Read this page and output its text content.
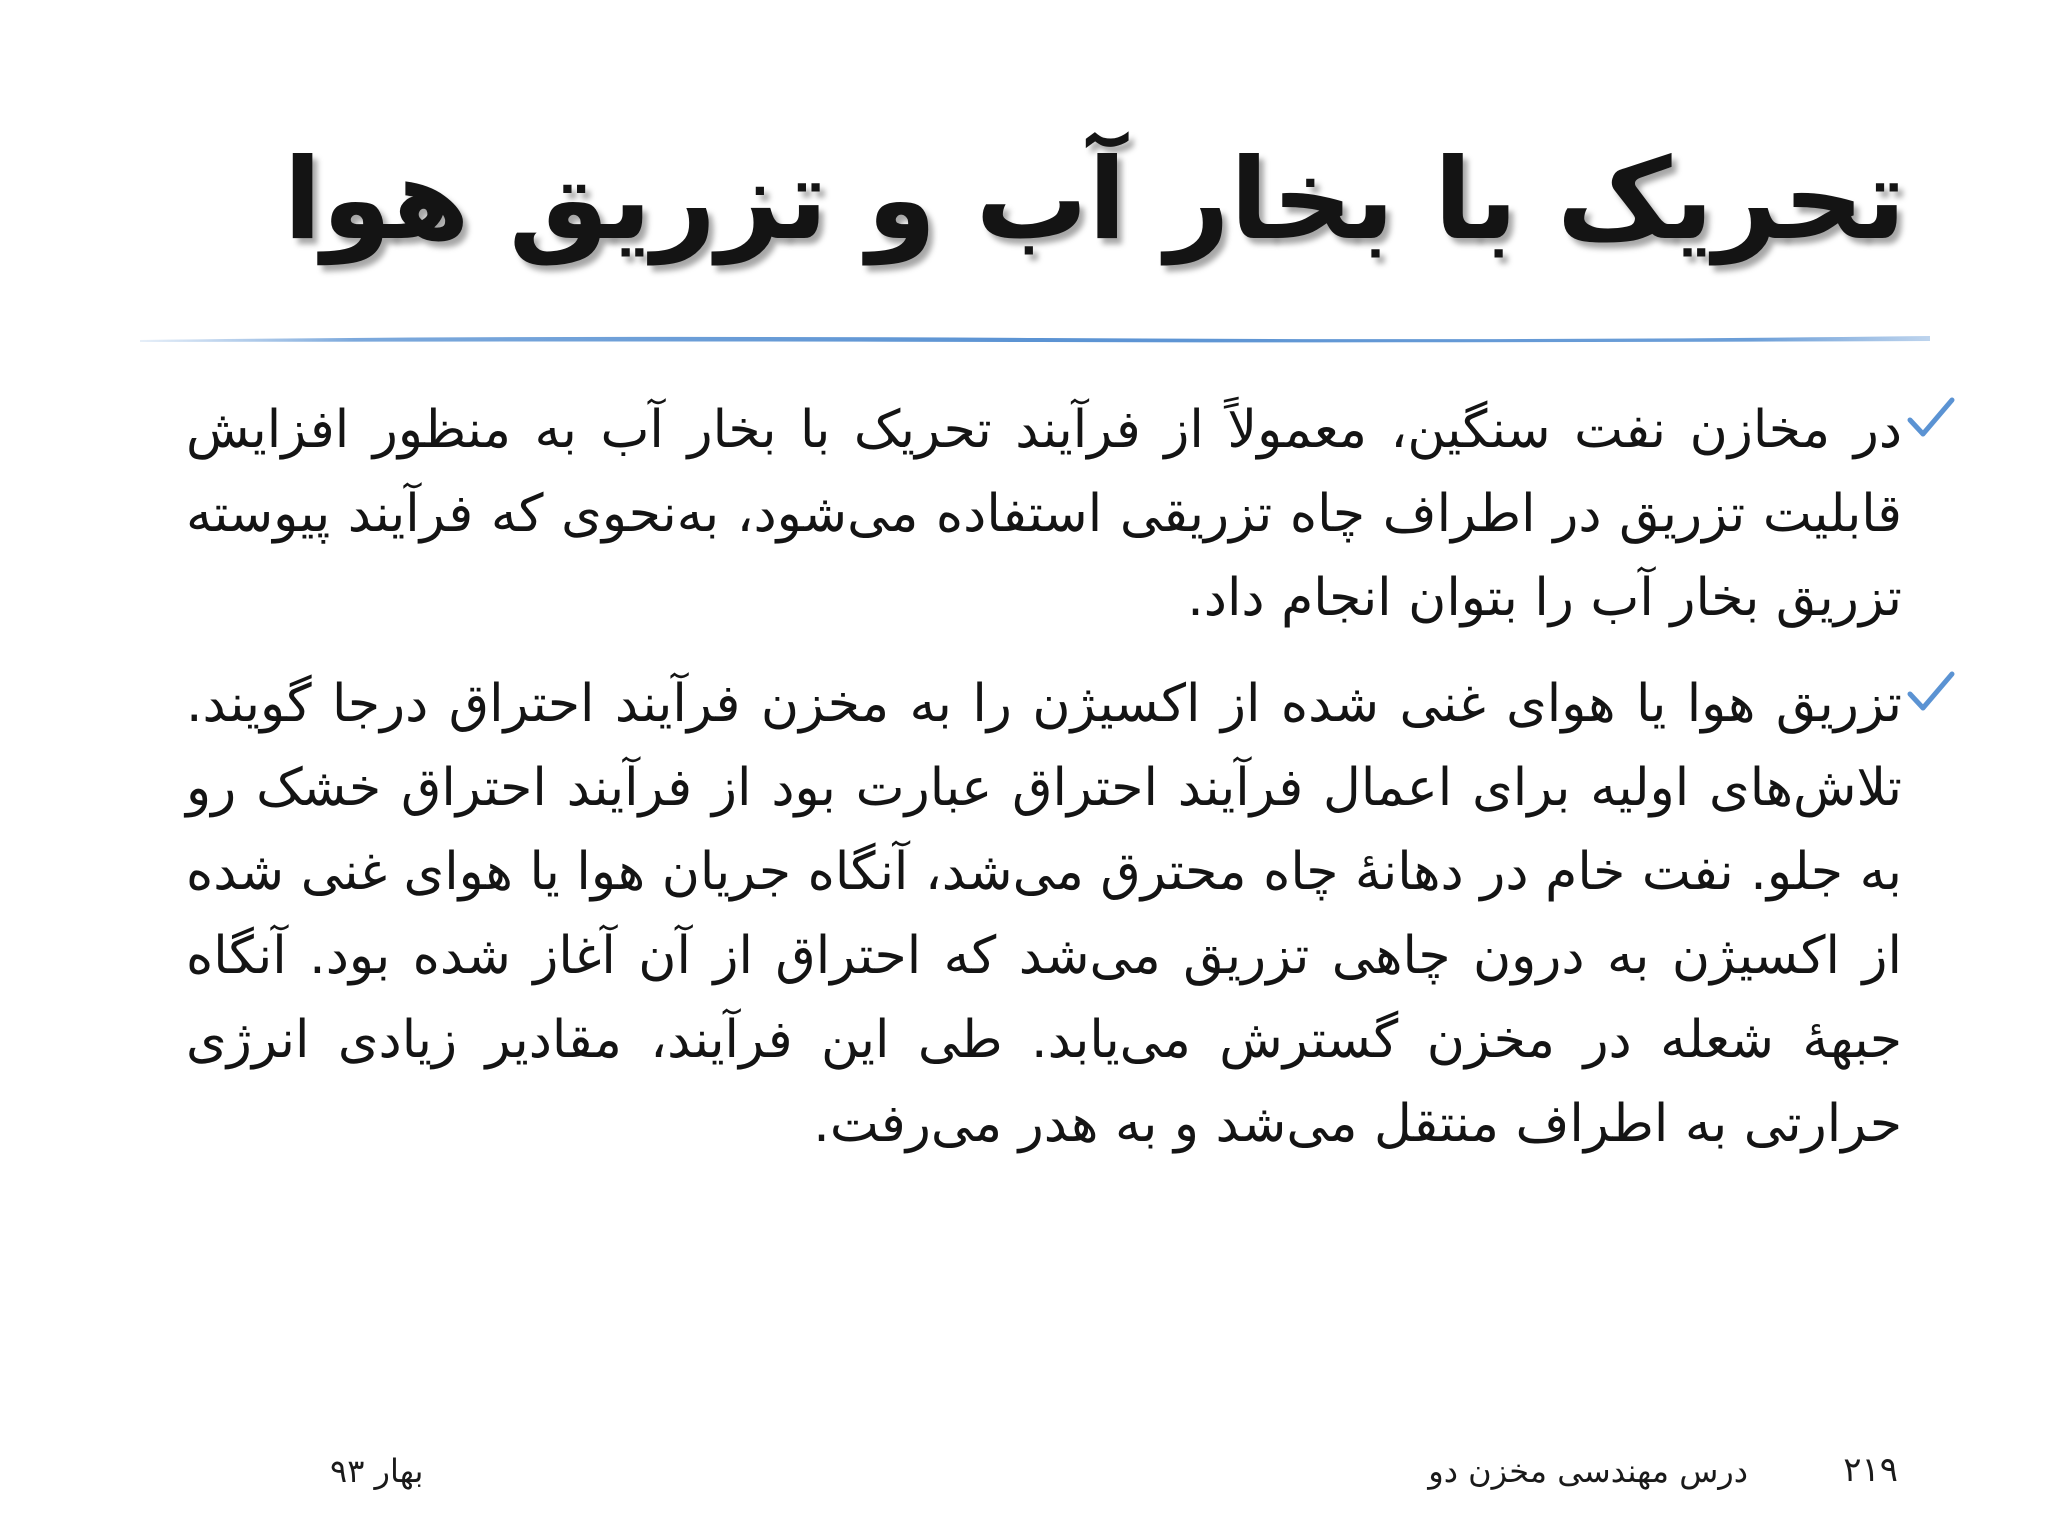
تحریک با بخار آب و تزریق هوا

در مخازن نفت سنگین، معمولاً از فرآیند تحریک با بخار آب به منظور افزایش قابلیت تزریق در اطراف چاه تزریقی استفاده می‌شود، به‌نحوی که فرآیند پیوسته تزریق بخار آب را بتوان انجام داد.

تزریق هوا یا هوای غنی شده از اکسیژن را به مخزن فرآیند احتراق درجا گویند. تلاش‌های اولیه برای اعمال فرآیند احتراق عبارت بود از فرآیند احتراق خشک رو به جلو. نفت خام در دهانۀ چاه محترق می‌شد، آنگاه جریان هوا یا هوای غنی شده از اکسیژن به درون چاهی تزریق می‌شد که احتراق از آن آغاز شده بود. آنگاه جبهۀ شعله در مخزن گسترش می‌یابد. طی این فرآیند، مقادیر زیادی انرژی حرارتی به اطراف منتقل می‌شد و به هدر می‌رفت.

۲۱۹
درس مهندسی مخزن دو
بهار ۹۳
